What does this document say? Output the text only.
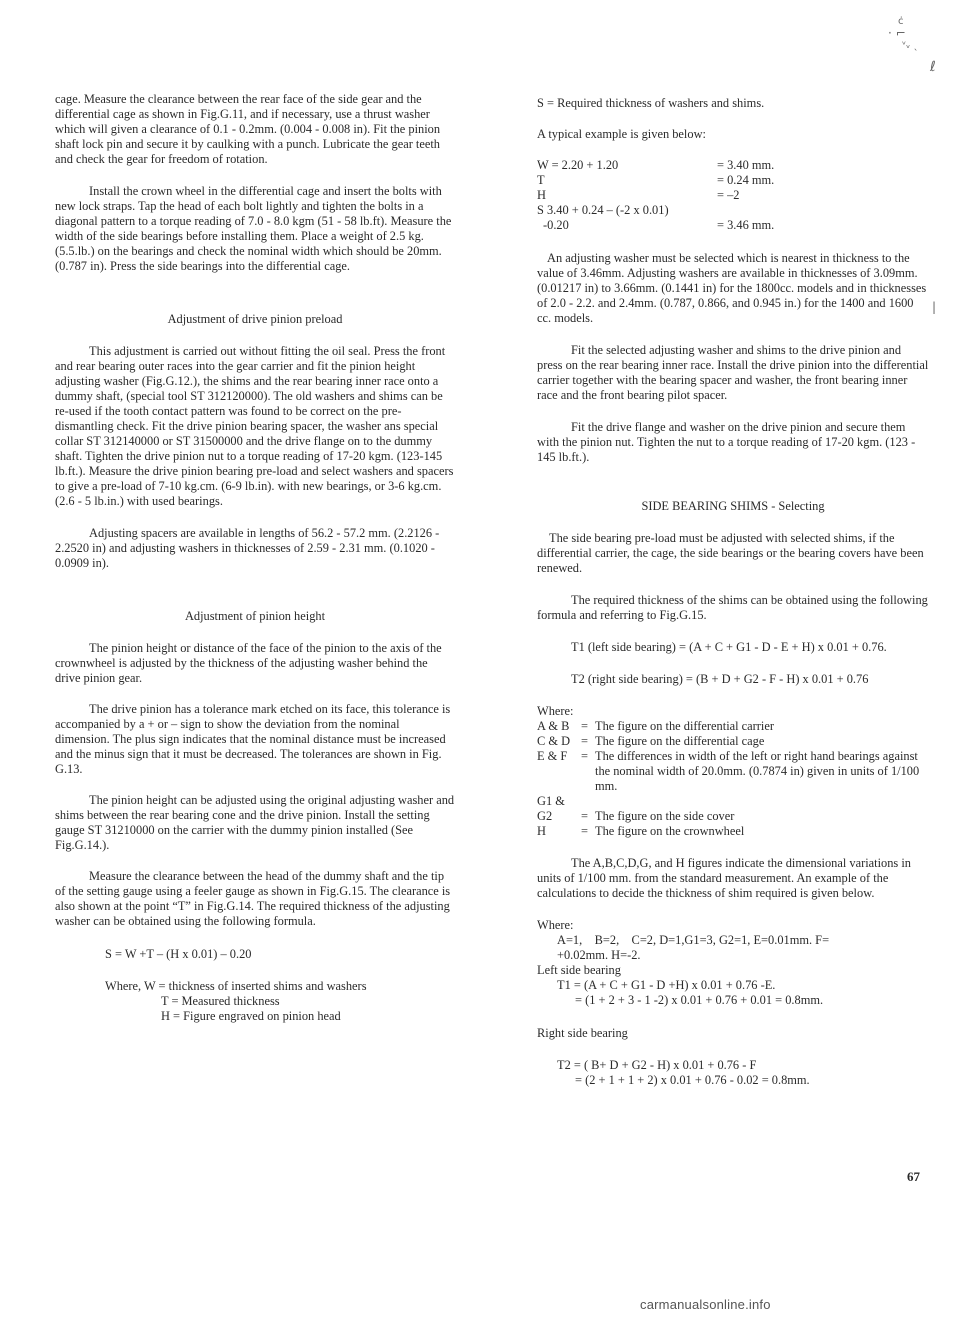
cage. Measure the clearance between the rear face of the side gear and the differential cage as shown in Fig.G.11, and if necessary, use a thrust washer which will given a clearance of 0.1 - 0.2mm. (0.004 - 0.008 in). Fit the pinion shaft lock pin and secure it by caulking with a punch. Lubricate the gear teeth and check the gear for freedom of rotation.

Install the crown wheel in the differential cage and insert the bolts with new lock straps. Tap the head of each bolt lightly and tighten the bolts in a diagonal pattern to a torque reading of 7.0 - 8.0 kgm (51 - 58 lb.ft). Measure the width of the side bearings before installing them. Place a weight of 2.5 kg. (5.5.lb.) on the bearings and check the nominal width which should be 20mm. (0.787 in). Press the side bearings into the differential cage.

Adjustment of drive pinion preload

This adjustment is carried out without fitting the oil seal. Press the front and rear bearing outer races into the gear carrier and fit the pinion height adjusting washer (Fig.G.12.), the shims and the rear bearing inner race onto a dummy shaft, (special tool ST 312120000). The old washers and shims can be re-used if the tooth contact pattern was found to be correct on the pre-dismantling check. Fit the drive pinion bearing spacer, the washer ans special collar ST 312140000 or ST 31500000 and the drive flange on to the dummy shaft. Tighten the drive pinion nut to a torque reading of 17-20 kgm. (123-145 lb.ft.). Measure the drive pinion bearing pre-load and select washers and spacers to give a pre-load of 7-10 kg.cm. (6-9 lb.in). with new bearings, or 3-6 kg.cm. (2.6 - 5 lb.in.) with used bearings.

Adjusting spacers are available in lengths of 56.2 - 57.2 mm. (2.2126 - 2.2520 in) and adjusting washers in thicknesses of 2.59 - 2.31 mm. (0.1020 - 0.0909 in).

Adjustment of pinion height

The pinion height or distance of the face of the pinion to the axis of the crownwheel is adjusted by the thickness of the adjusting washer behind the drive pinion gear.

The drive pinion has a tolerance mark etched on its face, this tolerance is accompanied by a + or – sign to show the deviation from the nominal dimension. The plus sign indicates that the nominal distance must be increased and the minus sign that it must be decreased. The tolerances are shown in Fig. G.13.

The pinion height can be adjusted using the original adjusting washer and shims between the rear bearing cone and the drive pinion. Install the setting gauge ST 31210000 on the carrier with the dummy pinion installed (See Fig.G.14.).

Measure the clearance between the head of the dummy shaft and the tip of the setting gauge using a feeler gauge as shown in Fig.G.15. The clearance is also shown at the point “T” in Fig.G.14. The required thickness of the adjusting washer can be obtained using the following formula.

S = W +T – (H x 0.01) – 0.20

Where, W = thickness of inserted shims and washers

T = Measured thickness

H = Figure engraved on pinion head

S = Required thickness of washers and shims.

A typical example is given below:

W = 2.20 + 1.20	= 3.40 mm.
T	= 0.24 mm.
H	= –2
S 3.40 + 0.24 – (-2 x 0.01)
-0.20	= 3.46 mm.

An adjusting washer must be selected which is nearest in thickness to the value of 3.46mm. Adjusting washers are available in thicknesses of 3.09mm. (0.01217 in) to 3.66mm. (0.1441 in) for the 1800cc. models and in thicknesses of 2.0 - 2.2. and 2.4mm. (0.787, 0.866, and 0.945 in.) for the 1400 and 1600 cc. models.

Fit the selected adjusting washer and shims to the drive pinion and press on the rear bearing inner race. Install the drive pinion into the differential carrier together with the bearing spacer and washer, the front bearing inner race and the front bearing pilot spacer.

Fit the drive flange and washer on the drive pinion and secure them with the pinion nut. Tighten the nut to a torque reading of 17-20 kgm. (123 - 145 lb.ft.).

SIDE BEARING SHIMS - Selecting

The side bearing pre-load must be adjusted with selected shims, if the differential carrier, the cage, the side bearings or the bearing covers have been renewed.

The required thickness of the shims can be obtained using the following formula and referring to Fig.G.15.

T1 (left side bearing) = (A + C + G1 - D - E + H) x 0.01 + 0.76.

T2 (right side bearing) = (B + D + G2 - F - H) x 0.01 + 0.76

Where:

A & B = The figure on the differential carrier
C & D = The figure on the differential cage
E & F	= The differences in width of the left or right hand bearings against the nominal width of 20.0mm. (0.7874 in) given in units of 1/100 mm.
G1 & G2	= The figure on the side cover
H	= The figure on the crownwheel

The A,B,C,D,G, and H figures indicate the dimensional variations in units of 1/100 mm. from the standard measurement. An example of the calculations to decide the thickness of shim required is given below.

Where:

A=1,    B=2,    C=2, D=1,G1=3, G2=1, E=0.01mm. F=

+0.02mm. H=-2.

Left side bearing

T1 = (A + C + G1 - D +H) x 0.01 + 0.76 -E.

= (1 + 2 + 3 - 1 -2) x 0.01 + 0.76 + 0.01 = 0.8mm.

Right side bearing

T2 = ( B+ D + G2 - H) x 0.01 + 0.76 - F

= (2 + 1 + 1 + 2) x 0.01 + 0.76 - 0.02 = 0.8mm.

67
carmanualsonline.info
ċ
· ⌐
ᵛᵥ ˎ
ℓ
|
